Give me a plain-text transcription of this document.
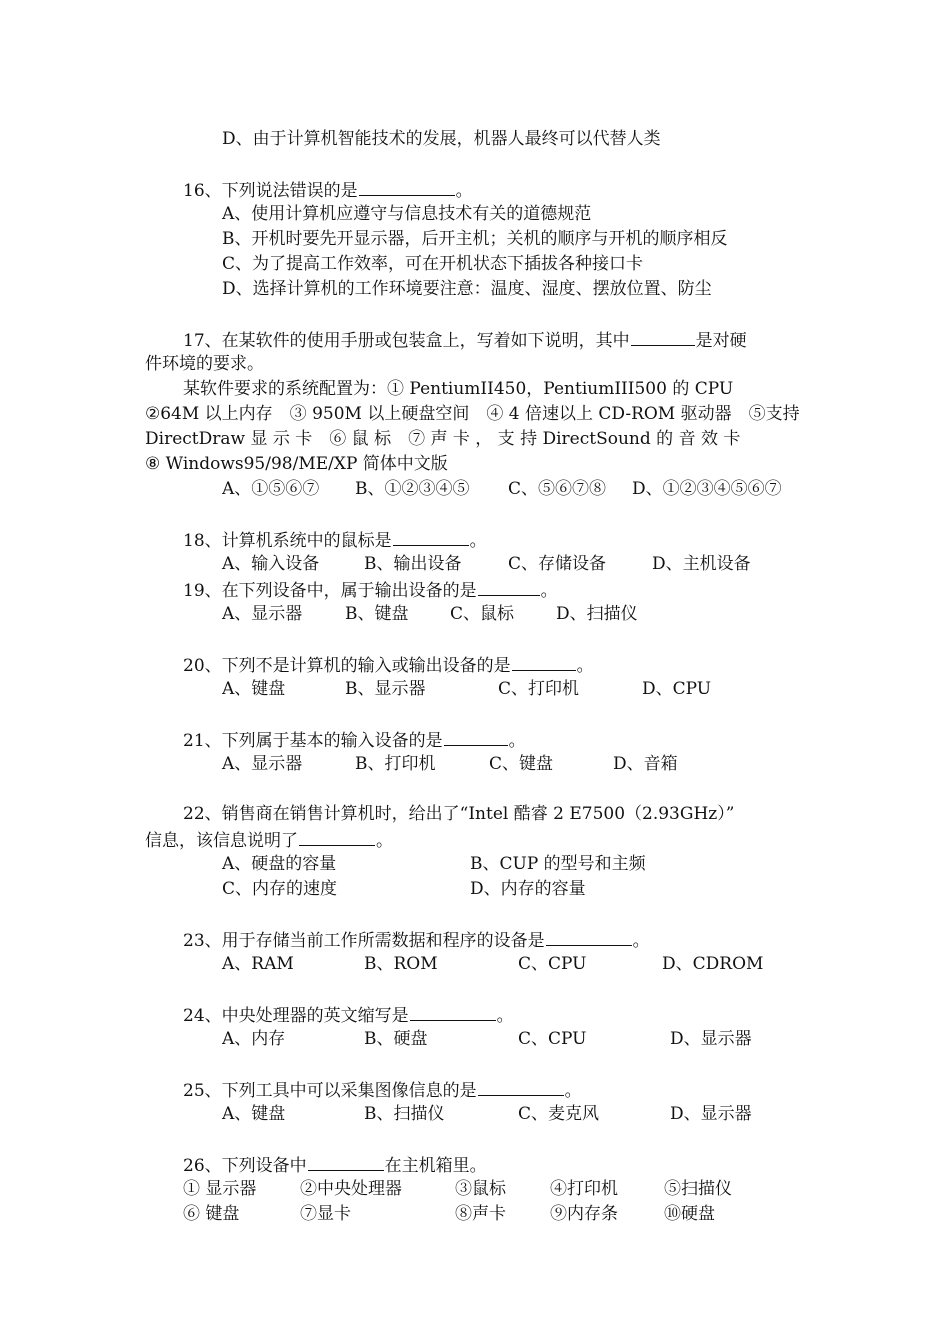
D、由于计算机智能技术的发展，机器人最终可以代替人类
16、下列说法错误的是	。
A、使用计算机应遵守与信息技术有关的道德规范
B、开机时要先开显示器，后开主机；关机的顺序与开机的顺序相反
C、为了提高工作效率，可在开机状态下插拔各种接口卡
D、选择计算机的工作环境要注意：温度、湿度、摆放位置、防尘
17、在某软件的使用手册或包装盒上，写着如下说明，其中	是对硬
件环境的要求。
某软件要求的系统配置为：① PentiumII450，PentiumIII500 的 CPU
②64M 以上内存　③ 950M 以上硬盘空间　④ 4 倍速以上 CD-ROM 驱动器　⑤支持
DirectDraw 显 示 卡　⑥ 鼠 标　⑦ 声 卡 ， 支 持 DirectSound 的 音 效 卡
⑧ Windows95/98/ME/XP 简体中文版
A、①⑤⑥⑦ B、①②③④⑤ C、⑤⑥⑦⑧ D、①②③④⑤⑥⑦
18、计算机系统中的鼠标是	。
A、输入设备	B、输出设备	C、存储设备	D、主机设备
19、在下列设备中，属于输出设备的是	。
A、显示器	B、键盘 C、鼠标 D、扫描仪
20、下列不是计算机的输入或输出设备的是	。
A、键盘	B、显示器	C、打印机	D、CPU
21、下列属于基本的输入设备的是	。
A、显示器	B、打印机	C、键盘	D、音箱
22、销售商在销售计算机时，给出了“Intel 酷睿 2 E7500（2.93GHz）”
信息，该信息说明了	。
A、硬盘的容量	B、CUP 的型号和主频
C、内存的速度	D、内存的容量
23、用于存储当前工作所需数据和程序的设备是	。
A、RAM	B、ROM	C、CPU	D、CDROM
24、中央处理器的英文缩写是	。
A、内存	B、硬盘	C、CPU	D、显示器
25、下列工具中可以采集图像信息的是	。
A、键盘	B、扫描仪	C、麦克风	D、显示器
26、下列设备中	在主机箱里。
① 显示器	②中央处理器	③鼠标	④打印机	⑤扫描仪
⑥ 键盘	⑦显卡	⑧声卡	⑨内存条	⑩硬盘
